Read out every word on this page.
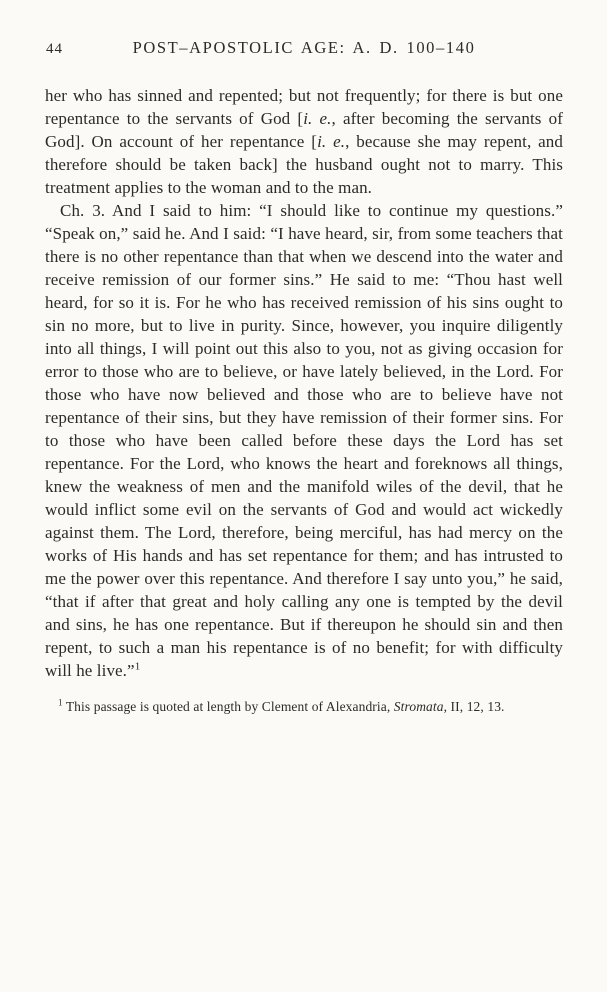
44	POST–APOSTOLIC AGE: A. D. 100–140

her who has sinned and repented; but not frequently; for there is but one repentance to the servants of God [i. e., after becoming the servants of God]. On account of her repentance [i. e., because she may repent, and therefore should be taken back] the husband ought not to marry. This treatment applies to the woman and to the man.

Ch. 3. And I said to him: “I should like to continue my questions.” “Speak on,” said he. And I said: “I have heard, sir, from some teachers that there is no other repentance than that when we descend into the water and receive remission of our former sins.” He said to me: “Thou hast well heard, for so it is. For he who has received remission of his sins ought to sin no more, but to live in purity. Since, however, you inquire diligently into all things, I will point out this also to you, not as giving occasion for error to those who are to believe, or have lately believed, in the Lord. For those who have now believed and those who are to believe have not repentance of their sins, but they have remission of their former sins. For to those who have been called before these days the Lord has set repentance. For the Lord, who knows the heart and foreknows all things, knew the weakness of men and the manifold wiles of the devil, that he would inflict some evil on the servants of God and would act wickedly against them. The Lord, therefore, being merciful, has had mercy on the works of His hands and has set repentance for them; and has intrusted to me the power over this repentance. And therefore I say unto you,” he said, “that if after that great and holy calling any one is tempted by the devil and sins, he has one repentance. But if thereupon he should sin and then repent, to such a man his repentance is of no benefit; for with difficulty will he live.”$^1$

$^1$ This passage is quoted at length by Clement of Alexandria, Stromata, II, 12, 13.
